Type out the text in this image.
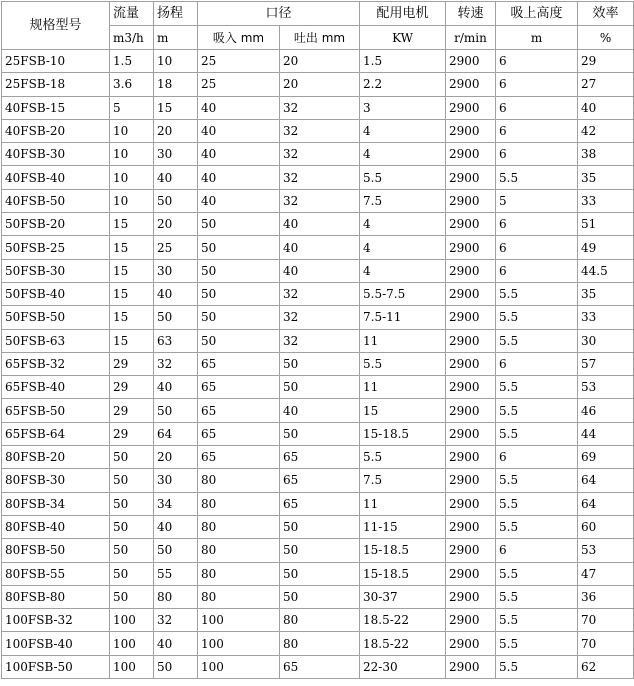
规格型号	流量	扬程	口径		配用电机	转速	吸上高度	效率
	m3/h	m	吸入 mm	吐出 mm	KW	r/min	m	%
25FSB-10	1.5	10	25	20	1.5	2900	6	29
25FSB-18	3.6	18	25	20	2.2	2900	6	27
40FSB-15	5	15	40	32	3	2900	6	40
40FSB-20	10	20	40	32	4	2900	6	42
40FSB-30	10	30	40	32	4	2900	6	38
40FSB-40	10	40	40	32	5.5	2900	5.5	35
40FSB-50	10	50	40	32	7.5	2900	5	33
50FSB-20	15	20	50	40	4	2900	6	51
50FSB-25	15	25	50	40	4	2900	6	49
50FSB-30	15	30	50	40	4	2900	6	44.5
50FSB-40	15	40	50	32	5.5-7.5	2900	5.5	35
50FSB-50	15	50	50	32	7.5-11	2900	5.5	33
50FSB-63	15	63	50	32	11	2900	5.5	30
65FSB-32	29	32	65	50	5.5	2900	6	57
65FSB-40	29	40	65	50	11	2900	5.5	53
65FSB-50	29	50	65	40	15	2900	5.5	46
65FSB-64	29	64	65	50	15-18.5	2900	5.5	44
80FSB-20	50	20	65	65	5.5	2900	6	69
80FSB-30	50	30	80	65	7.5	2900	5.5	64
80FSB-34	50	34	80	65	11	2900	5.5	64
80FSB-40	50	40	80	50	11-15	2900	5.5	60
80FSB-50	50	50	80	50	15-18.5	2900	6	53
80FSB-55	50	55	80	50	15-18.5	2900	5.5	47
80FSB-80	50	80	80	50	30-37	2900	5.5	36
100FSB-32	100	32	100	80	18.5-22	2900	5.5	70
100FSB-40	100	40	100	80	18.5-22	2900	5.5	70
100FSB-50	100	50	100	65	22-30	2900	5.5	62
